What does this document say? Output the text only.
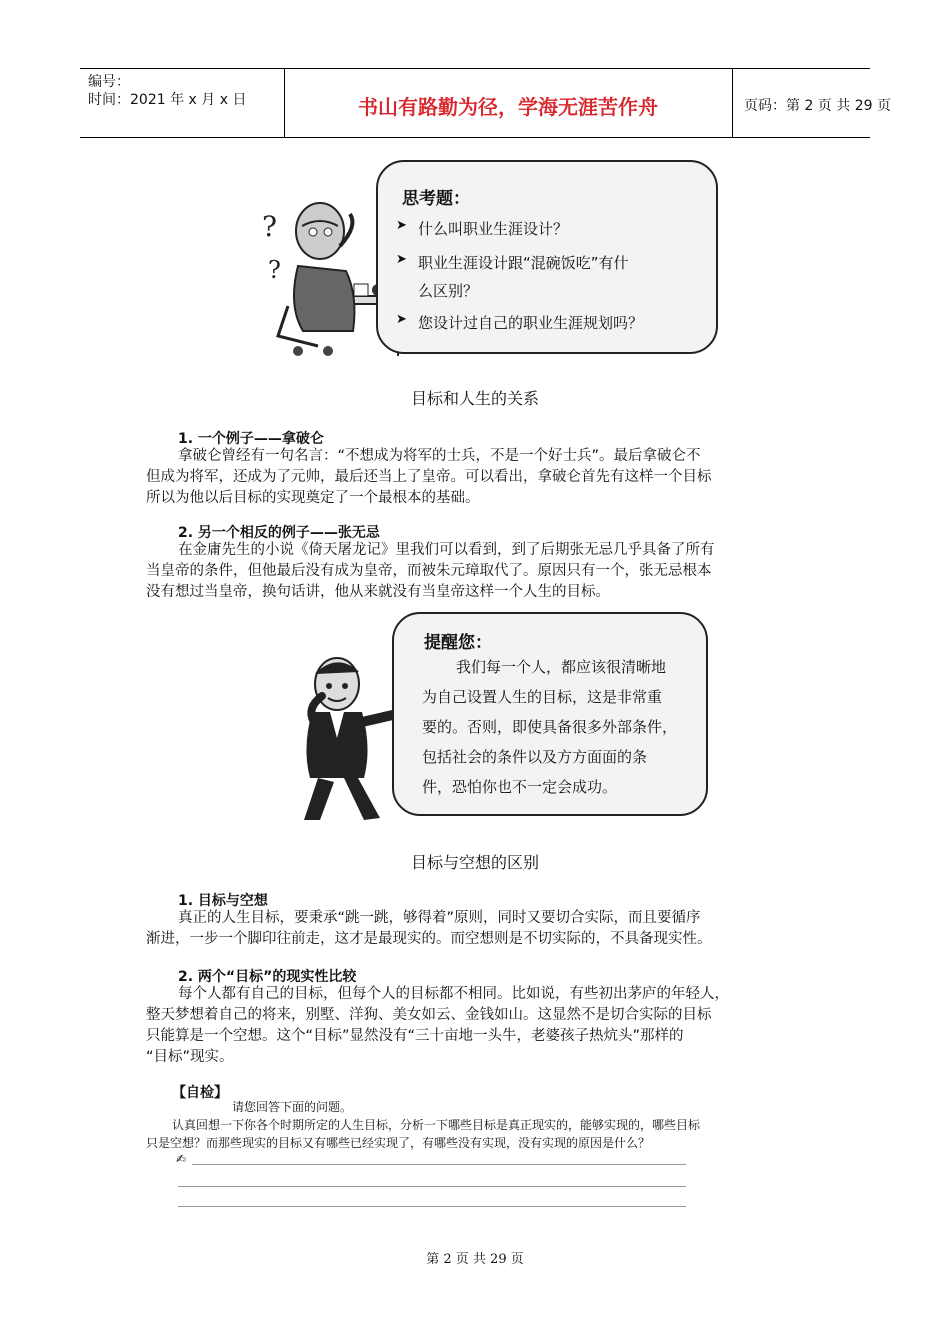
编号：
时间：2021 年 x 月 x 日	书山有路勤为径，学海无涯苦作舟	页码：第 2 页 共 29 页
?
?
思考题：
➤ 什么叫职业生涯设计？
➤ 职业生涯设计跟“混碗饭吃”有什
么区别？
➤ 您设计过自己的职业生涯规划吗？
目标和人生的关系
1. 一个例子——拿破仑

拿破仑曾经有一句名言：“不想成为将军的士兵，不是一个好士兵”。最后拿破仑不

但成为将军，还成为了元帅，最后还当上了皇帝。可以看出，拿破仑首先有这样一个目标

所以为他以后目标的实现奠定了一个最根本的基础。

2. 另一个相反的例子——张无忌

在金庸先生的小说《倚天屠龙记》里我们可以看到，到了后期张无忌几乎具备了所有

当皇帝的条件，但他最后没有成为皇帝，而被朱元璋取代了。原因只有一个，张无忌根本

没有想过当皇帝，换句话讲，他从来就没有当皇帝这样一个人生的目标。

提醒您：
我们每一个人，都应该很清晰地
为自己设置人生的目标，这是非常重
要的。否则，即使具备很多外部条件，
包括社会的条件以及方方面面的条
件，恐怕你也不一定会成功。
目标与空想的区别
1. 目标与空想

真正的人生目标，要秉承“跳一跳，够得着”原则，同时又要切合实际，而且要循序

渐进，一步一个脚印往前走，这才是最现实的。而空想则是不切实际的，不具备现实性。

2. 两个“目标”的现实性比较

每个人都有自己的目标，但每个人的目标都不相同。比如说，有些初出茅庐的年轻人，

整天梦想着自己的将来，别墅、洋狗、美女如云、金钱如山。这显然不是切合实际的目标

只能算是一个空想。这个“目标”显然没有“三十亩地一头牛，老婆孩子热炕头”那样的

“目标”现实。

【自检】
请您回答下面的问题。
认真回想一下你各个时期所定的人生目标，分析一下哪些目标是真正现实的，能够实现的，哪些目标
只是空想？而那些现实的目标又有哪些已经实现了，有哪些没有实现，没有实现的原因是什么？
✍
第 2 页 共 29 页
